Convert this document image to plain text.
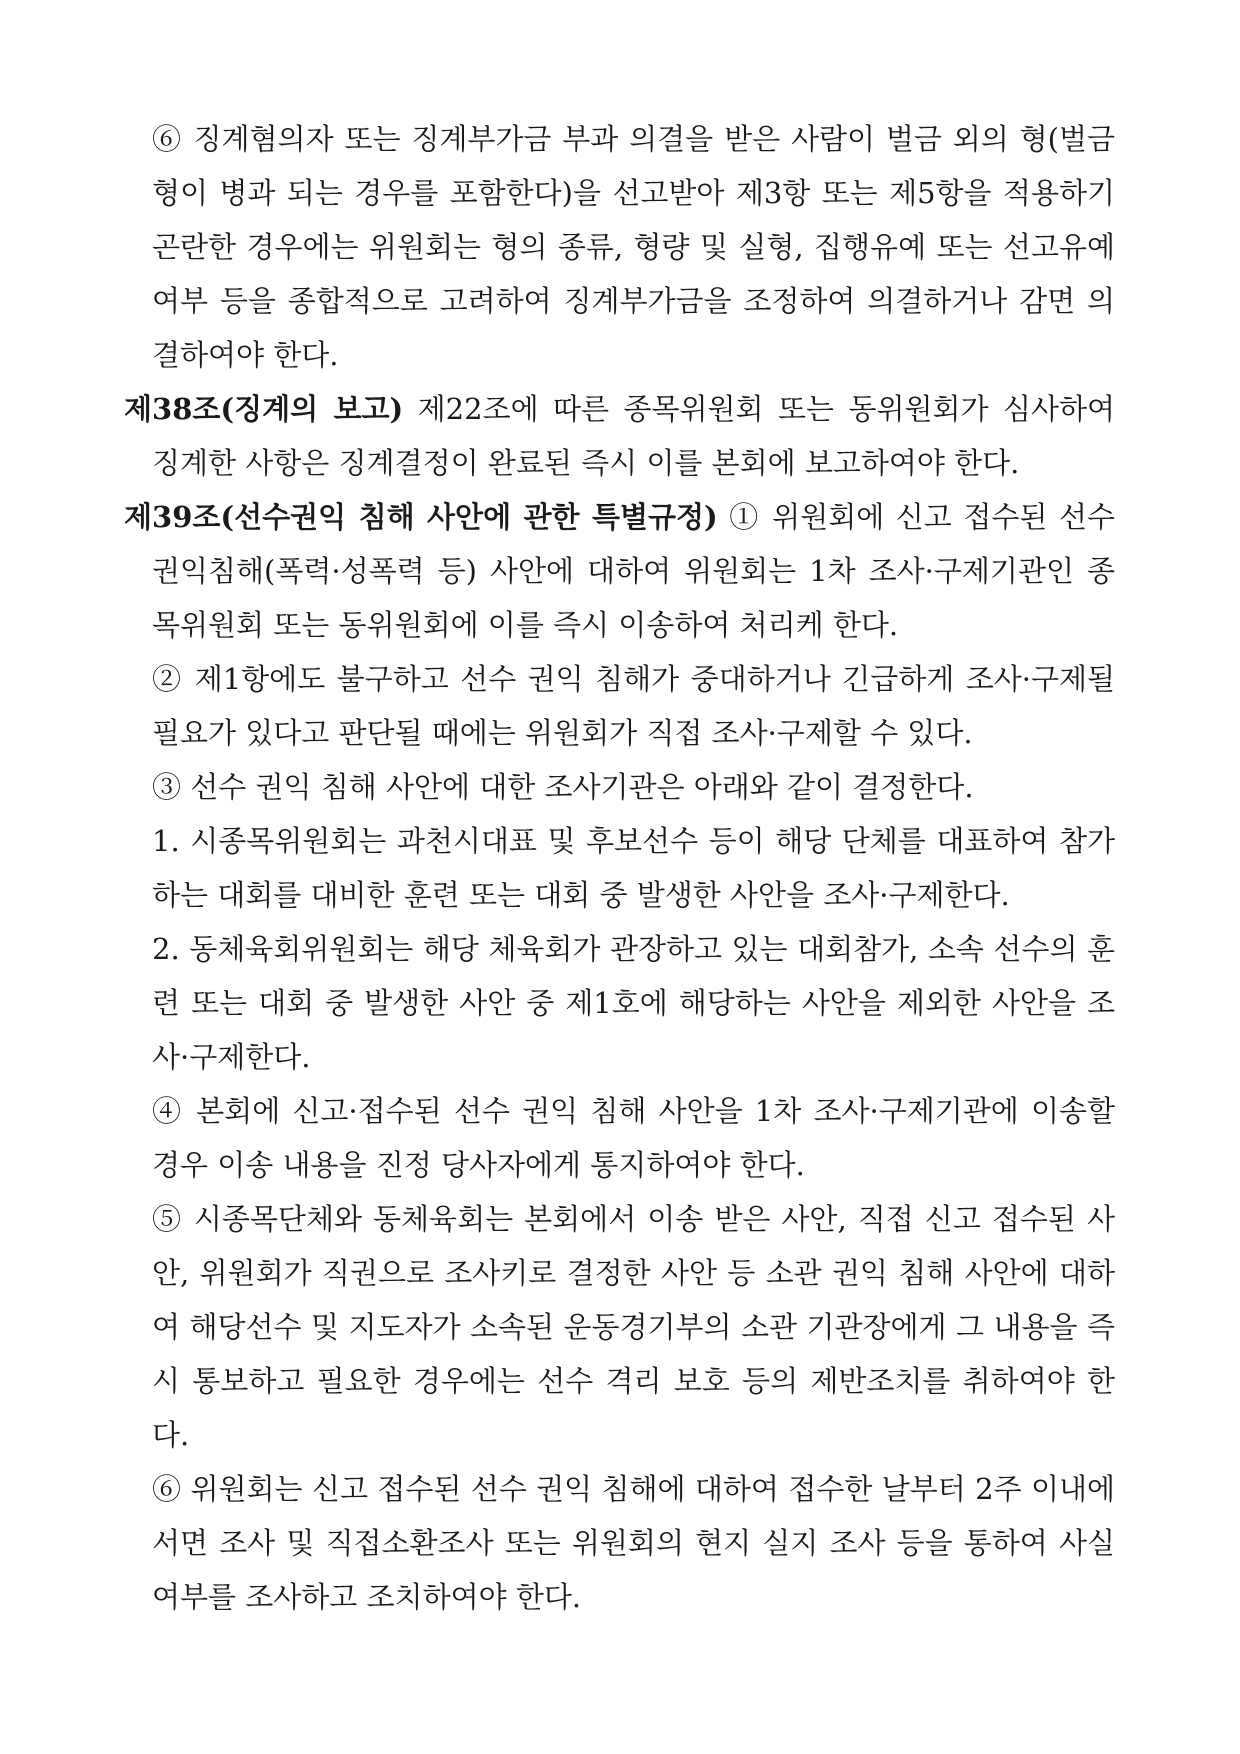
⑥ 징계혐의자 또는 징계부가금 부과 의결을 받은 사람이 벌금 외의 형(벌금형이 병과 되는 경우를 포함한다)을 선고받아 제3항 또는 제5항을 적용하기 곤란한 경우에는 위원회는 형의 종류, 형량 및 실형, 집행유예 또는 선고유예 여부 등을 종합적으로 고려하여 징계부가금을 조정하여 의결하거나 감면 의결하여야 한다.

제38조(징계의 보고) 제22조에 따른 종목위원회 또는 동위원회가 심사하여 징계한 사항은 징계결정이 완료된 즉시 이를 본회에 보고하여야 한다.

제39조(선수권익 침해 사안에 관한 특별규정) ① 위원회에 신고 접수된 선수 권익침해(폭력·성폭력 등) 사안에 대하여 위원회는 1차 조사·구제기관인 종목위원회 또는 동위원회에 이를 즉시 이송하여 처리케 한다.

② 제1항에도 불구하고 선수 권익 침해가 중대하거나 긴급하게 조사·구제될 필요가 있다고 판단될 때에는 위원회가 직접 조사·구제할 수 있다.

③ 선수 권익 침해 사안에 대한 조사기관은 아래와 같이 결정한다.

1. 시종목위원회는 과천시대표 및 후보선수 등이 해당 단체를 대표하여 참가하는 대회를 대비한 훈련 또는 대회 중 발생한 사안을 조사·구제한다.

2. 동체육회위원회는 해당 체육회가 관장하고 있는 대회참가, 소속 선수의 훈련 또는 대회 중 발생한 사안 중 제1호에 해당하는 사안을 제외한 사안을 조사·구제한다.

④ 본회에 신고·접수된 선수 권익 침해 사안을 1차 조사·구제기관에 이송할 경우 이송 내용을 진정 당사자에게 통지하여야 한다.

⑤ 시종목단체와 동체육회는 본회에서 이송 받은 사안, 직접 신고 접수된 사안, 위원회가 직권으로 조사키로 결정한 사안 등 소관 권익 침해 사안에 대하여 해당선수 및 지도자가 소속된 운동경기부의 소관 기관장에게 그 내용을 즉시 통보하고 필요한 경우에는 선수 격리 보호 등의 제반조치를 취하여야 한다.

⑥ 위원회는 신고 접수된 선수 권익 침해에 대하여 접수한 날부터 2주 이내에 서면 조사 및 직접소환조사 또는 위원회의 현지 실지 조사 등을 통하여 사실 여부를 조사하고 조치하여야 한다.
